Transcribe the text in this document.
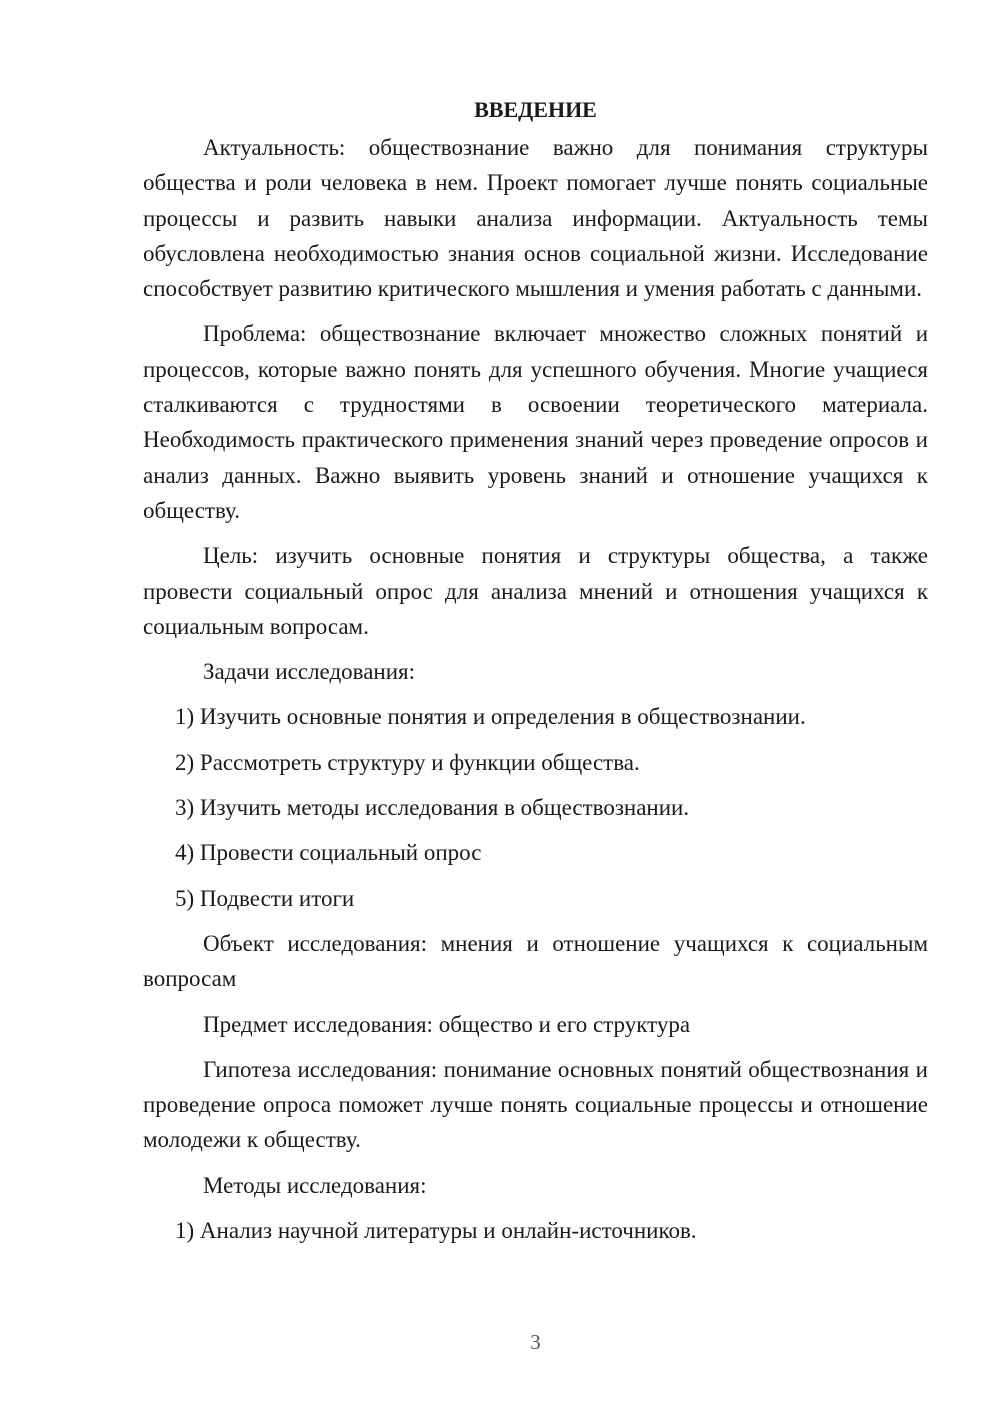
ВВЕДЕНИЕ

Актуальность: обществознание важно для понимания структуры общества и роли человека в нем. Проект помогает лучше понять социальные процессы и развить навыки анализа информации. Актуальность темы обусловлена необходимостью знания основ социальной жизни. Исследование способствует развитию критического мышления и умения работать с данными.

Проблема: обществознание включает множество сложных понятий и процессов, которые важно понять для успешного обучения. Многие учащиеся сталкиваются с трудностями в освоении теоретического материала. Необходимость практического применения знаний через проведение опросов и анализ данных. Важно выявить уровень знаний и отношение учащихся к обществу.

Цель: изучить основные понятия и структуры общества, а также провести социальный опрос для анализа мнений и отношения учащихся к социальным вопросам.

Задачи исследования:

1) Изучить основные понятия и определения в обществознании.

2) Рассмотреть структуру и функции общества.

3) Изучить методы исследования в обществознании.

4) Провести социальный опрос

5) Подвести итоги

Объект исследования: мнения и отношение учащихся к социальным вопросам

Предмет исследования: общество и его структура

Гипотеза исследования: понимание основных понятий обществознания и проведение опроса поможет лучше понять социальные процессы и отношение молодежи к обществу.

Методы исследования:

1) Анализ научной литературы и онлайн-источников.

3
